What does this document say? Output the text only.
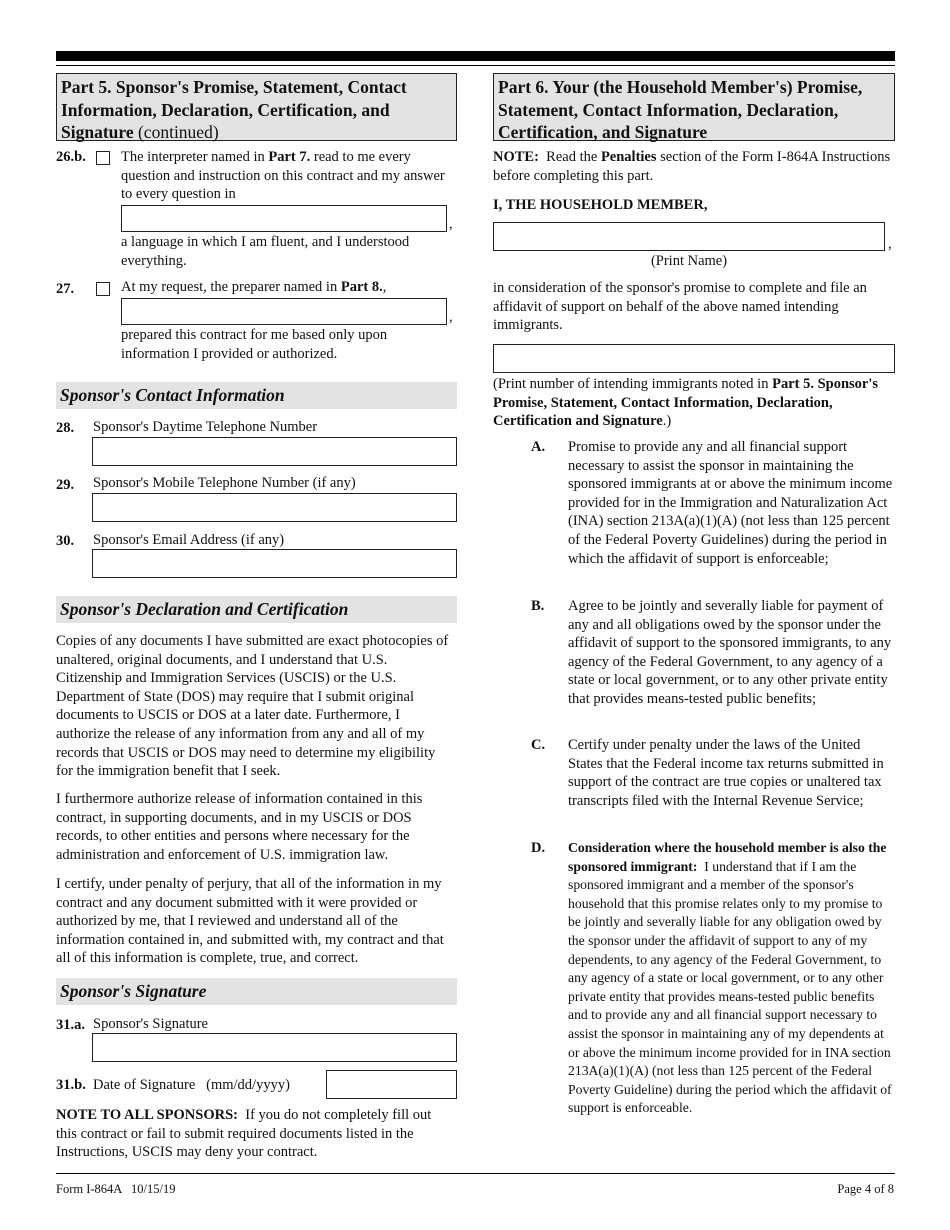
Part 5. Sponsor's Promise, Statement, Contact Information, Declaration, Certification, and Signature (continued)
26.b. The interpreter named in Part 7. read to me every question and instruction on this contract and my answer to every question in
,
a language in which I am fluent, and I understood everything.
27.	At my request, the preparer named in Part 8.,
,
prepared this contract for me based only upon information I provided or authorized.
Sponsor's Contact Information
28. Sponsor's Daytime Telephone Number
29. Sponsor's Mobile Telephone Number (if any)
30. Sponsor's Email Address (if any)
Sponsor's Declaration and Certification
Copies of any documents I have submitted are exact photocopies of unaltered, original documents, and I understand that U.S. Citizenship and Immigration Services (USCIS) or the U.S. Department of State (DOS) may require that I submit original documents to USCIS or DOS at a later date. Furthermore, I authorize the release of any information from any and all of my records that USCIS or DOS may need to determine my eligibility for the immigration benefit that I seek.
I furthermore authorize release of information contained in this contract, in supporting documents, and in my USCIS or DOS records, to other entities and persons where necessary for the administration and enforcement of U.S. immigration law.
I certify, under penalty of perjury, that all of the information in my contract and any document submitted with it were provided or authorized by me, that I reviewed and understand all of the information contained in, and submitted with, my contract and that all of this information is complete, true, and correct.
Sponsor's Signature
31.a. Sponsor's Signature
31.b. Date of Signature   (mm/dd/yyyy)
NOTE TO ALL SPONSORS:  If you do not completely fill out this contract or fail to submit required documents listed in the Instructions, USCIS may deny your contract.
Part 6. Your (the Household Member's) Promise, Statement, Contact Information, Declaration, Certification, and Signature
NOTE:  Read the Penalties section of the Form I-864A Instructions before completing this part.
I, THE HOUSEHOLD MEMBER,
,
(Print Name)
in consideration of the sponsor's promise to complete and file an affidavit of support on behalf of the above named intending immigrants.
(Print number of intending immigrants noted in Part 5. Sponsor's Promise, Statement, Contact Information, Declaration, Certification and Signature.)
A. Promise to provide any and all financial support necessary to assist the sponsor in maintaining the sponsored immigrants at or above the minimum income provided for in the Immigration and Naturalization Act (INA) section 213A(a)(1)(A) (not less than 125 percent of the Federal Poverty Guidelines) during the period in which the affidavit of support is enforceable;
B. Agree to be jointly and severally liable for payment of any and all obligations owed by the sponsor under the affidavit of support to the sponsored immigrants, to any agency of the Federal Government, to any agency of a state or local government, or to any other private entity that provides means-tested public benefits;
C. Certify under penalty under the laws of the United States that the Federal income tax returns submitted in support of the contract are true copies or unaltered tax transcripts filed with the Internal Revenue Service;
D. Consideration where the household member is also the sponsored immigrant:  I understand that if I am the sponsored immigrant and a member of the sponsor's household that this promise relates only to my promise to be jointly and severally liable for any obligation owed by the sponsor under the affidavit of support to any of my dependents, to any agency of the Federal Government, to any agency of a state or local government, or to any other private entity that provides means-tested public benefits and to provide any and all financial support necessary to assist the sponsor in maintaining any of my dependents at or above the minimum income provided for in INA section 213A(a)(1)(A) (not less than 125 percent of the Federal Poverty Guideline) during the period which the affidavit of support is enforceable.
Form I-864A   10/15/19	Page 4 of 8
